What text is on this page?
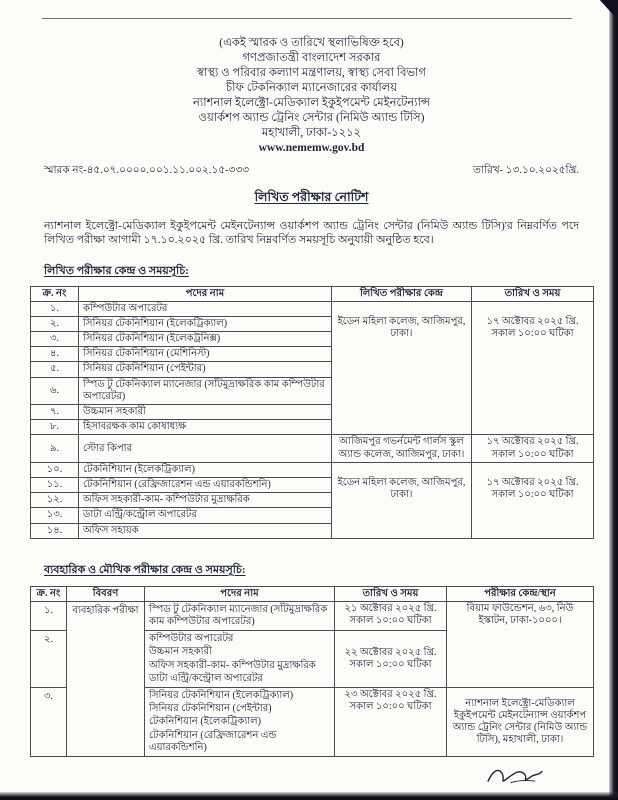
(একই স্মারক ও তারিখে স্থলাভিষিক্ত হবে)
গণপ্রজাতন্ত্রী বাংলাদেশ সরকার
স্বাস্থ্য ও পরিবার কল্যাণ মন্ত্রণালয়, স্বাস্থ্য সেবা বিভাগ
চীফ টেকনিক্যাল ম্যানেজারের কার্যালয়
ন্যাশনাল ইলেক্ট্রো-মেডিক্যাল ইকুইপমেন্ট মেইনটেন্যান্স
ওয়ার্কশপ অ্যান্ড ট্রেনিং সেন্টার (নিমিউ অ্যান্ড টিসি)
মহাখালী, ঢাকা-১২১২
www.nememw.gov.bd
স্মারক নং-৪৫.০৭.০০০০.০০১.১১.০০২.১৫-৩৩৩	তারিখ- ১৩.১০.২০২৫খ্রি.
লিখিত পরীক্ষার নোটিশ

ন্যাশনাল ইলেক্ট্রো-মেডিক্যাল ইকুইপমেন্ট মেইনটেন্যান্স ওয়ার্কশপ অ্যান্ড ট্রেনিং সেন্টার (নিমিউ অ্যান্ড টিসি)'র নিম্নবর্ণিত পদে লিখিত পরীক্ষা আগামী ১৭.১০.২০২৫ খ্রি. তারিখ নিম্নবর্ণিত সময়সূচি অনুযায়ী অনুষ্ঠিত হবে।

লিখিত পরীক্ষার কেন্দ্র ও সময়সূচি:
ক্র. নং	পদের নাম	লিখিত পরীক্ষার কেন্দ্র	তারিখ ও সময়
১.	কম্পিউটার অপারেটর	ইডেন মহিলা কলেজ, আজিমপুর, ঢাকা।	১৭ অক্টোবর ২০২৫ খ্রি. সকাল ১০:০০ ঘটিকা
২.	সিনিয়র টেকনিশিয়ান (ইলেকট্রিক্যাল)		
৩.	সিনিয়র টেকনিশিয়ান (ইলেকট্রনিক্স)		
৪.	সিনিয়র টেকনিশিয়ান (মেশিনিস্ট)		
৫.	সিনিয়র টেকনিশিয়ান (পেইন্টার)		
৬.	স্পিড টু টেকনিক্যাল ম্যানেজার (সাঁটমুদ্রাক্ষরিক কাম কম্পিউটার অপারেটর)		
৭.	উচ্চমান সহকারী		
৮.	হিসাবরক্ষক কাম কোষাধ্যক্ষ		
৯.	স্টোর কিপার	আজিমপুর গভর্নমেন্ট গার্লস স্কুল অ্যান্ড কলেজ, আজিমপুর, ঢাকা।	১৭ অক্টোবর ২০২৫ খ্রি. সকাল ১০:০০ ঘটিকা
১০.	টেকনিশিয়ান (ইলেকট্রিক্যাল)	ইডেন মহিলা কলেজ, আজিমপুর, ঢাকা।	১৭ অক্টোবর ২০২৫ খ্রি. সকাল ১০:০০ ঘটিকা
১১.	টেকনিশিয়ান (রেফ্রিজারেশন এন্ড এয়ারকন্ডিশনি)		
১২.	অফিস সহকারী-কাম- কম্পিউটার মুদ্রাক্ষরিক		
১৩.	ডাটা এন্ট্রি/কন্ট্রোল অপারেটর		
১৪.	অফিস সহায়ক		
ব্যবহারিক ও মৌখিক পরীক্ষার কেন্দ্র ও সময়সূচি:
ক্র. নং	বিবরণ	পদের নাম	তারিখ ও সময়	পরীক্ষার কেন্দ্র/স্থান
১.	ব্যবহারিক পরীক্ষা	স্পিড টু টেকনিক্যাল ম্যানেজার (সাঁটমুদ্রাক্ষরিক কাম কম্পিউটার অপারেটর)	২১ অক্টোবর ২০২৫ খ্রি. সকাল ১০:০০ ঘটিকা	বিয়াম ফাউন্ডেশন, ৬৩, নিউ ইস্কাটন, ঢাকা-১০০০।
২.		কম্পিউটার অপারেটর
উচ্চমান সহকারী
অফিস সহকারী-কাম- কম্পিউটার মুদ্রাক্ষরিক
ডাটা এন্ট্রি/কন্ট্রোল অপারেটর	২২ অক্টোবর ২০২৫ খ্রি. সকাল ১০:০০ ঘটিকা	
৩.		সিনিয়র টেকনিশিয়ান (ইলেকট্রিক্যাল)
সিনিয়র টেকনিশিয়ান (পেইন্টার)
টেকনিশিয়ান (ইলেকট্রিক্যাল)
টেকনিশিয়ান (রেফ্রিজারেশন এন্ড এয়ারকন্ডিশনি)	২৩ অক্টোবর ২০২৫ খ্রি. সকাল ১০:০০ ঘটিকা	ন্যাশনাল ইলেক্ট্রো-মেডিক্যাল ইকুইপমেন্ট মেইনটেন্যান্স ওয়ার্কশপ অ্যান্ড ট্রেনিং সেন্টার (নিমিউ অ্যান্ড টিসি), মহাখালী, ঢাকা।
